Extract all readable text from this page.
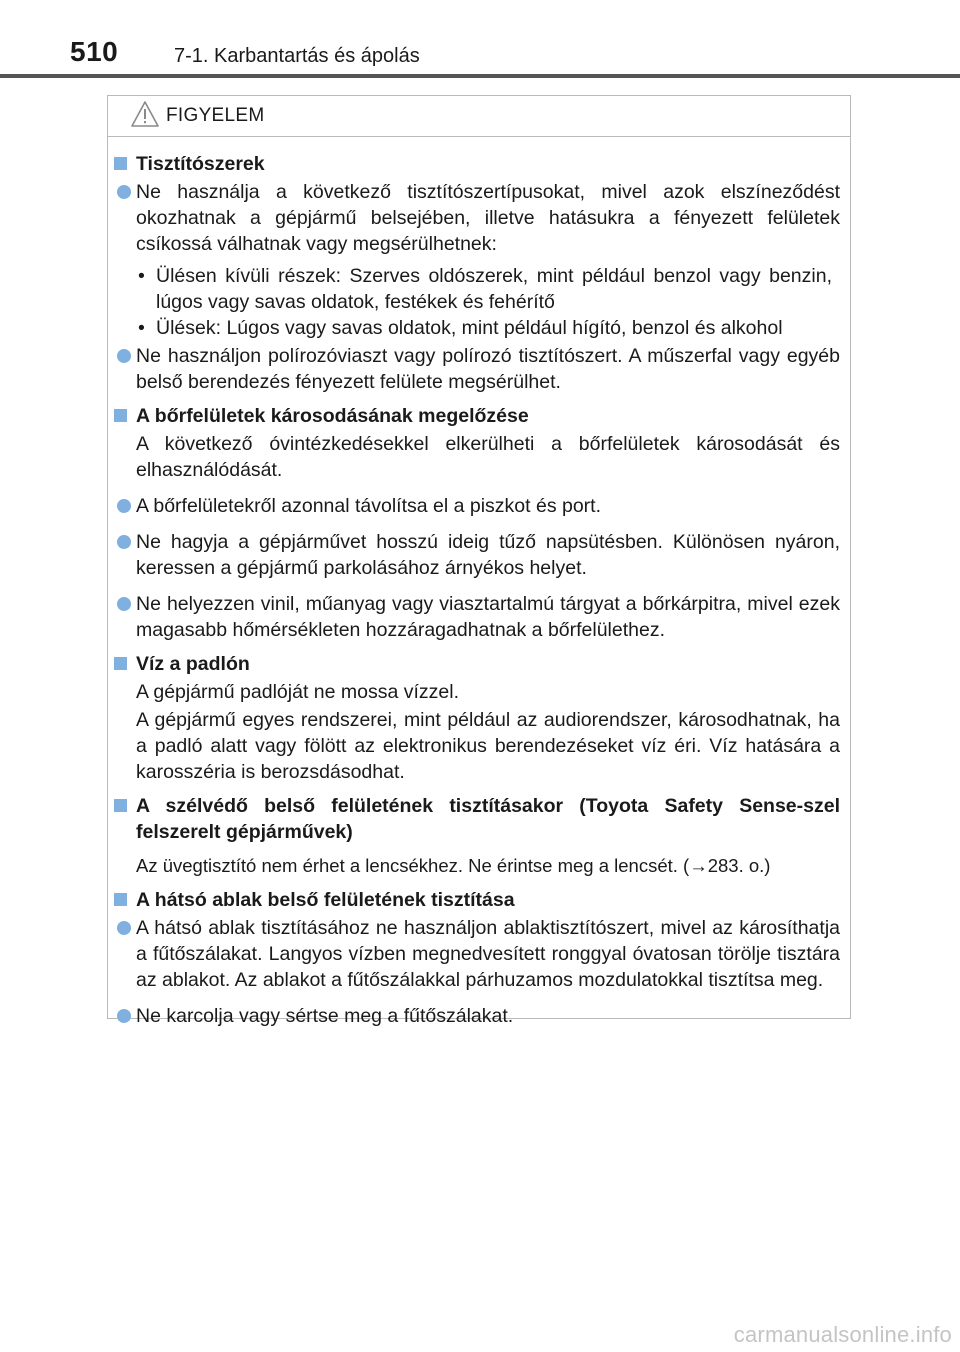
510	7-1. Karbantartás és ápolás
FIGYELEM
Tisztítószerek
Ne használja a következő tisztítószertípusokat, mivel azok elszíneződést okozhatnak a gépjármű belsejében, illetve hatásukra a fényezett felületek csíkossá válhatnak vagy megsérülhetnek:
• Ülésen kívüli részek: Szerves oldószerek, mint például benzol vagy benzin, lúgos vagy savas oldatok, festékek és fehérítő
• Ülések: Lúgos vagy savas oldatok, mint például hígító, benzol és alkohol
Ne használjon polírozóviaszt vagy polírozó tisztítószert. A műszerfal vagy egyéb belső berendezés fényezett felülete megsérülhet.
A bőrfelületek károsodásának megelőzése
A következő óvintézkedésekkel elkerülheti a bőrfelületek károsodását és elhasználódását.
A bőrfelületekről azonnal távolítsa el a piszkot és port.
Ne hagyja a gépjárművet hosszú ideig tűző napsütésben. Különösen nyáron, keressen a gépjármű parkolásához árnyékos helyet.
Ne helyezzen vinil, műanyag vagy viasztartalmú tárgyat a bőrkárpitra, mivel ezek magasabb hőmérsékleten hozzáragadhatnak a bőrfelülethez.
Víz a padlón
A gépjármű padlóját ne mossa vízzel.
A gépjármű egyes rendszerei, mint például az audiorendszer, károsodhatnak, ha a padló alatt vagy fölött az elektronikus berendezéseket víz éri. Víz hatására a karosszéria is berozsdásodhat.
A szélvédő belső felületének tisztításakor (Toyota Safety Sense-szel felszerelt gépjárművek)
Az üvegtisztító nem érhet a lencsékhez. Ne érintse meg a lencsét. (→283. o.)
A hátsó ablak belső felületének tisztítása
A hátsó ablak tisztításához ne használjon ablaktisztítószert, mivel az károsíthatja a fűtőszálakat. Langyos vízben megnedvesített ronggyal óvatosan törölje tisztára az ablakot. Az ablakot a fűtőszálakkal párhuzamos mozdulatokkal tisztítsa meg.
Ne karcolja vagy sértse meg a fűtőszálakat.
carmanualsonline.info
